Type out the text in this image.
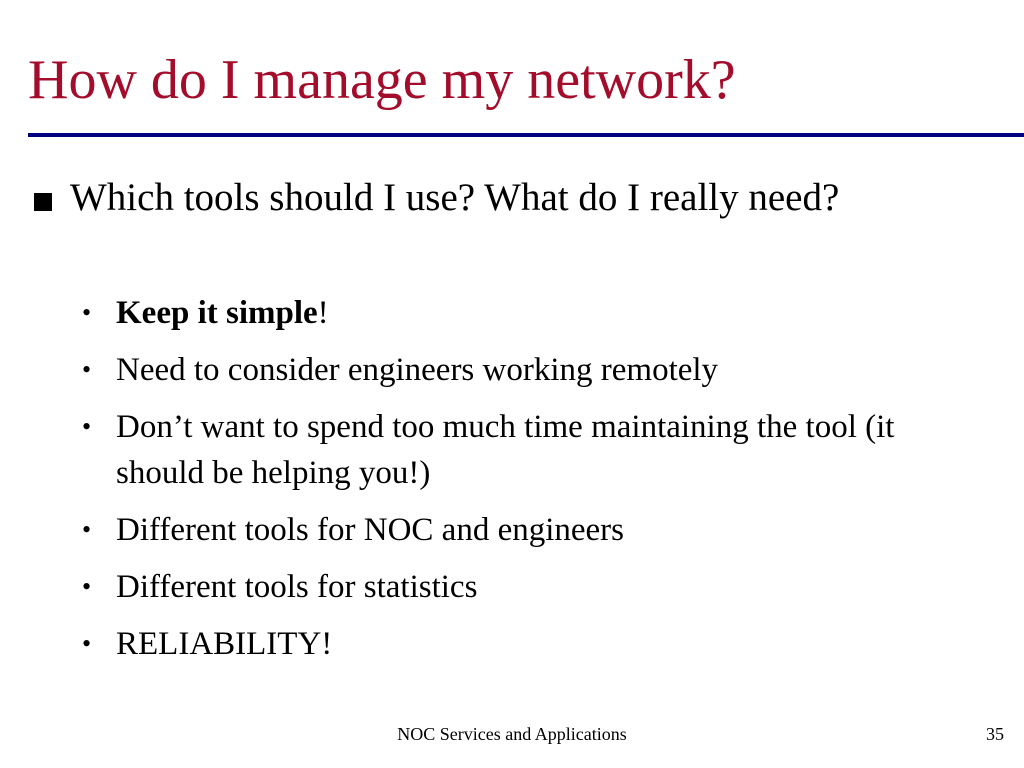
How do I manage my network?

Which tools should I use? What do I really need?

• Keep it simple!
• Need to consider engineers working remotely
• Don’t want to spend too much time maintaining the tool (it should be helping you!)
• Different tools for NOC and engineers
• Different tools for statistics
• RELIABILITY!
NOC Services and Applications	35
